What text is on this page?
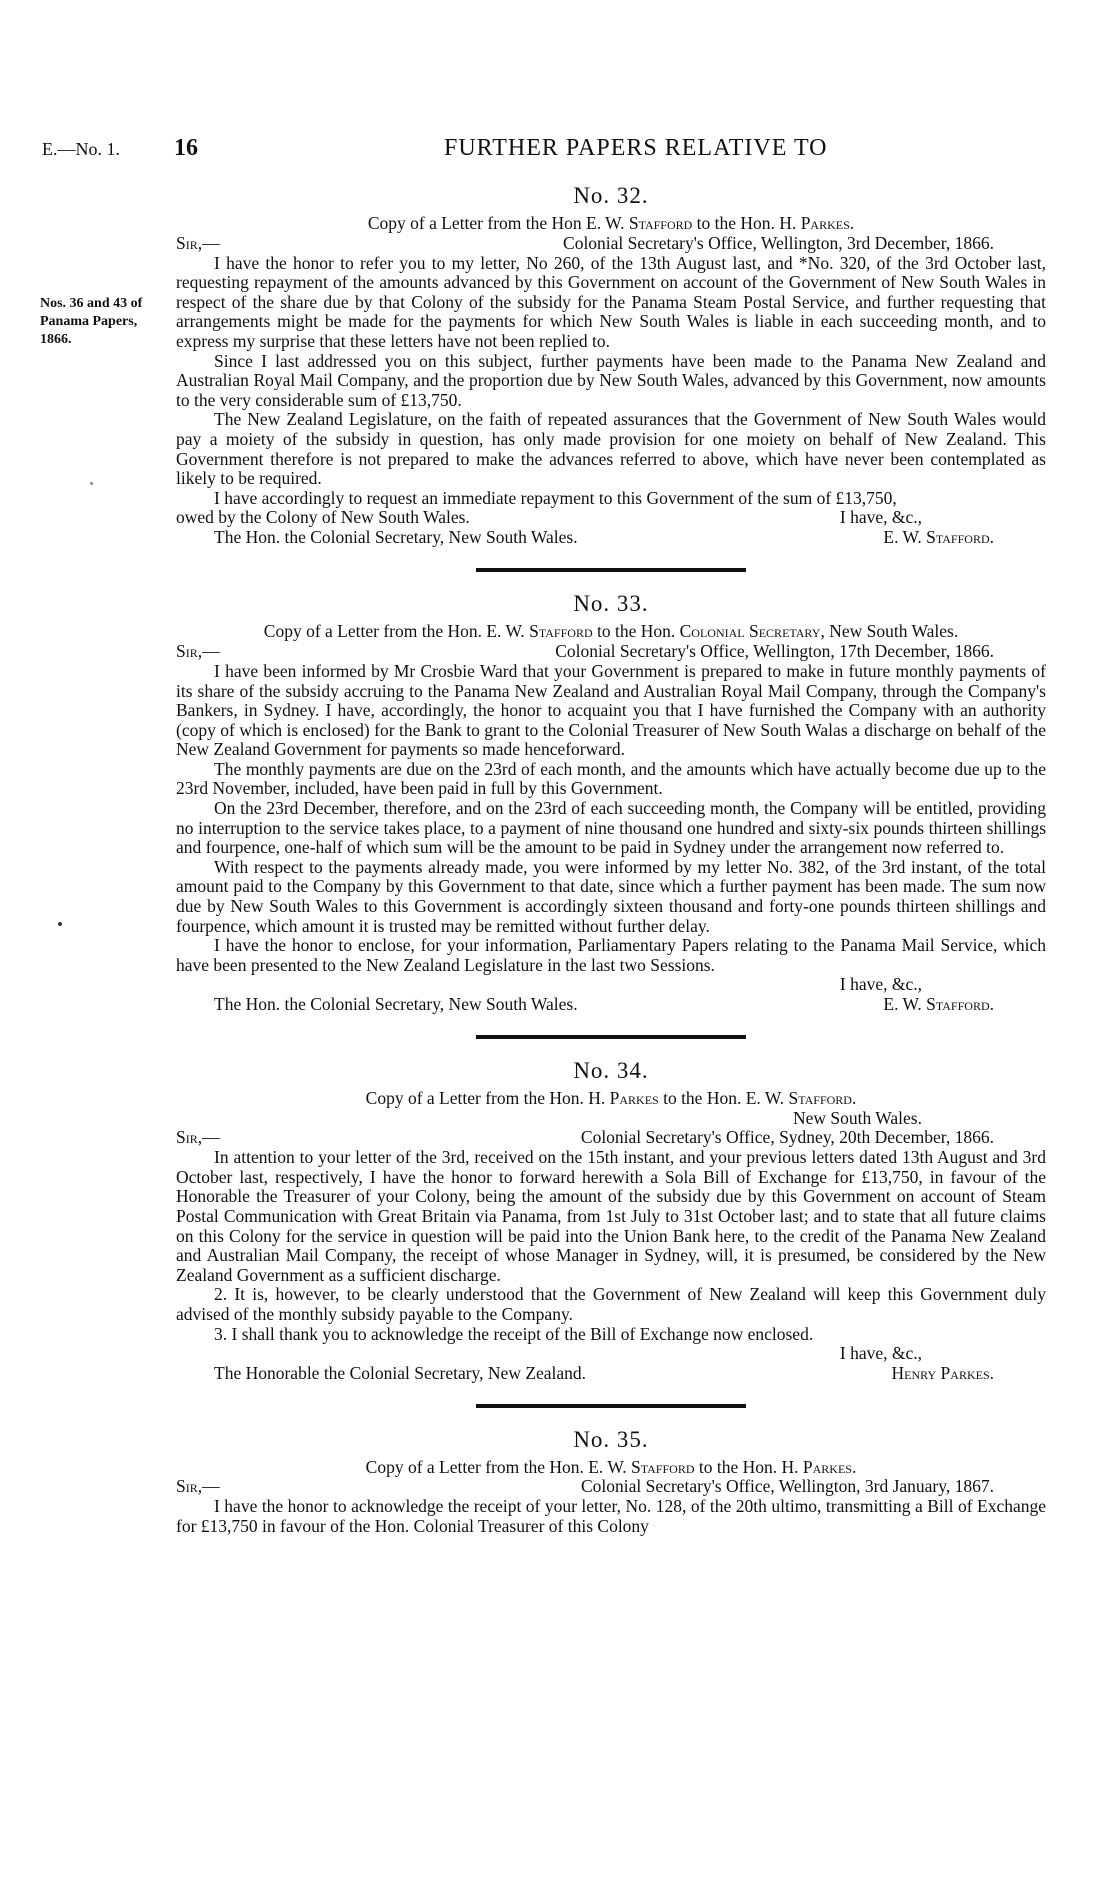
E.—No. 1. 16	FURTHER PAPERS RELATIVE TO
Nos. 36 and 43 of Panama Papers, 1866.
No. 32.
Copy of a Letter from the Hon E. W. Stafford to the Hon. H. Parkes.
Sir,—	Colonial Secretary's Office, Wellington, 3rd December, 1866.

I have the honor to refer you to my letter, No 260, of the 13th August last, and *No. 320, of the 3rd October last, requesting repayment of the amounts advanced by this Government on account of the Government of New South Wales in respect of the share due by that Colony of the subsidy for the Panama Steam Postal Service, and further requesting that arrangements might be made for the payments for which New South Wales is liable in each succeeding month, and to express my surprise that these letters have not been replied to.

Since I last addressed you on this subject, further payments have been made to the Panama New Zealand and Australian Royal Mail Company, and the proportion due by New South Wales, advanced by this Government, now amounts to the very considerable sum of £13,750.

The New Zealand Legislature, on the faith of repeated assurances that the Government of New South Wales would pay a moiety of the subsidy in question, has only made provision for one moiety on behalf of New Zealand. This Government therefore is not prepared to make the advances referred to above, which have never been contemplated as likely to be required.

I have accordingly to request an immediate repayment to this Government of the sum of £13,750,

owed by the Colony of New South Wales.	I have, &c.,
The Hon. the Colonial Secretary, New South Wales.	E. W. Stafford.
No. 33.
Copy of a Letter from the Hon. E. W. Stafford to the Hon. Colonial Secretary, New South Wales.
Sir,—	Colonial Secretary's Office, Wellington, 17th December, 1866.

I have been informed by Mr Crosbie Ward that your Government is prepared to make in future monthly payments of its share of the subsidy accruing to the Panama New Zealand and Australian Royal Mail Company, through the Company's Bankers, in Sydney. I have, accordingly, the honor to acquaint you that I have furnished the Company with an authority (copy of which is enclosed) for the Bank to grant to the Colonial Treasurer of New South Walas a discharge on behalf of the New Zealand Government for payments so made henceforward.

The monthly payments are due on the 23rd of each month, and the amounts which have actually become due up to the 23rd November, included, have been paid in full by this Government.

On the 23rd December, therefore, and on the 23rd of each succeeding month, the Company will be entitled, providing no interruption to the service takes place, to a payment of nine thousand one hundred and sixty-six pounds thirteen shillings and fourpence, one-half of which sum will be the amount to be paid in Sydney under the arrangement now referred to.

With respect to the payments already made, you were informed by my letter No. 382, of the 3rd instant, of the total amount paid to the Company by this Government to that date, since which a further payment has been made. The sum now due by New South Wales to this Government is accordingly sixteen thousand and forty-one pounds thirteen shillings and fourpence, which amount it is trusted may be remitted without further delay.

I have the honor to enclose, for your information, Parliamentary Papers relating to the Panama Mail Service, which have been presented to the New Zealand Legislature in the last two Sessions.

I have, &c.,
The Hon. the Colonial Secretary, New South Wales.	E. W. Stafford.
No. 34.
Copy of a Letter from the Hon. H. Parkes to the Hon. E. W. Stafford.
New South Wales.
Sir,—	Colonial Secretary's Office, Sydney, 20th December, 1866.

In attention to your letter of the 3rd, received on the 15th instant, and your previous letters dated 13th August and 3rd October last, respectively, I have the honor to forward herewith a Sola Bill of Exchange for £13,750, in favour of the Honorable the Treasurer of your Colony, being the amount of the subsidy due by this Government on account of Steam Postal Communication with Great Britain via Panama, from 1st July to 31st October last; and to state that all future claims on this Colony for the service in question will be paid into the Union Bank here, to the credit of the Panama New Zealand and Australian Mail Company, the receipt of whose Manager in Sydney, will, it is presumed, be considered by the New Zealand Government as a sufficient discharge.

2. It is, however, to be clearly understood that the Government of New Zealand will keep this Government duly advised of the monthly subsidy payable to the Company.

3. I shall thank you to acknowledge the receipt of the Bill of Exchange now enclosed.

I have, &c.,
The Honorable the Colonial Secretary, New Zealand.	Henry Parkes.
No. 35.
Copy of a Letter from the Hon. E. W. Stafford to the Hon. H. Parkes.
Sir,—	Colonial Secretary's Office, Wellington, 3rd January, 1867.

I have the honor to acknowledge the receipt of your letter, No. 128, of the 20th ultimo, transmitting a Bill of Exchange for £13,750 in favour of the Hon. Colonial Treasurer of this Colony
